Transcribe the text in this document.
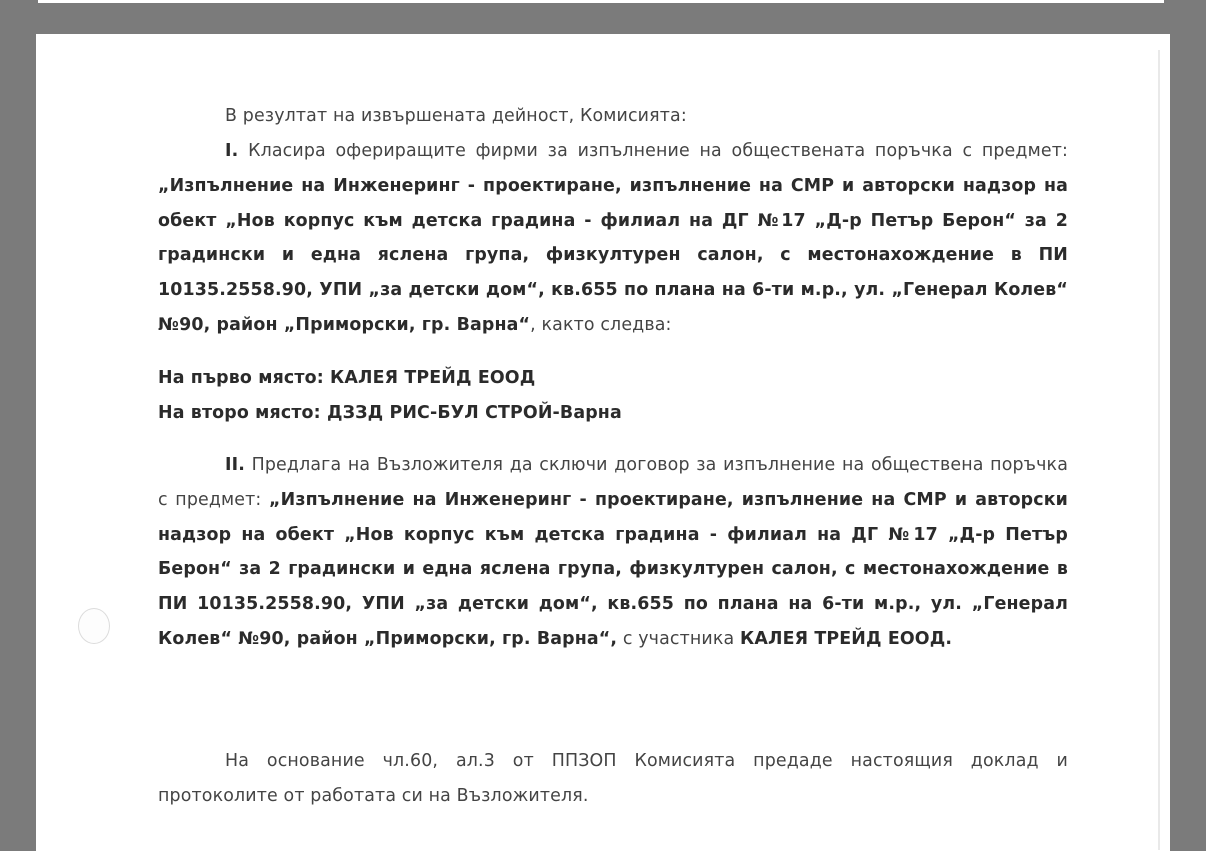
В резултат на извършената дейност, Комисията:

I. Класира офериращите фирми за изпълнение на обществената поръчка с предмет: „Изпълнение на Инженеринг - проектиране, изпълнение на СМР и авторски надзор на обект „Нов корпус към детска градина - филиал на ДГ №17 „Д-р Петър Берон“ за 2 градински и една яслена група, физкултурен салон, с местонахождение в ПИ 10135.2558.90, УПИ „за детски дом“, кв.655 по плана на 6-ти м.р., ул. „Генерал Колев“ №90, район „Приморски, гр. Варна“, както следва:

На първо място: КАЛЕЯ ТРЕЙД ЕООД

На второ място: ДЗЗД РИС-БУЛ СТРОЙ-Варна

II. Предлага на Възложителя да сключи договор за изпълнение на обществена поръчка с предмет: „Изпълнение на Инженеринг - проектиране, изпълнение на СМР и авторски надзор на обект „Нов корпус към детска градина - филиал на ДГ №17 „Д-р Петър Берон“ за 2 градински и една яслена група, физкултурен салон, с местонахождение в ПИ 10135.2558.90, УПИ „за детски дом“, кв.655 по плана на 6-ти м.р., ул. „Генерал Колев“ №90, район „Приморски, гр. Варна“, с участника КАЛЕЯ ТРЕЙД ЕООД.

На основание чл.60, ал.3 от ППЗОП Комисията предаде настоящия доклад и протоколите от работата си на Възложителя.
